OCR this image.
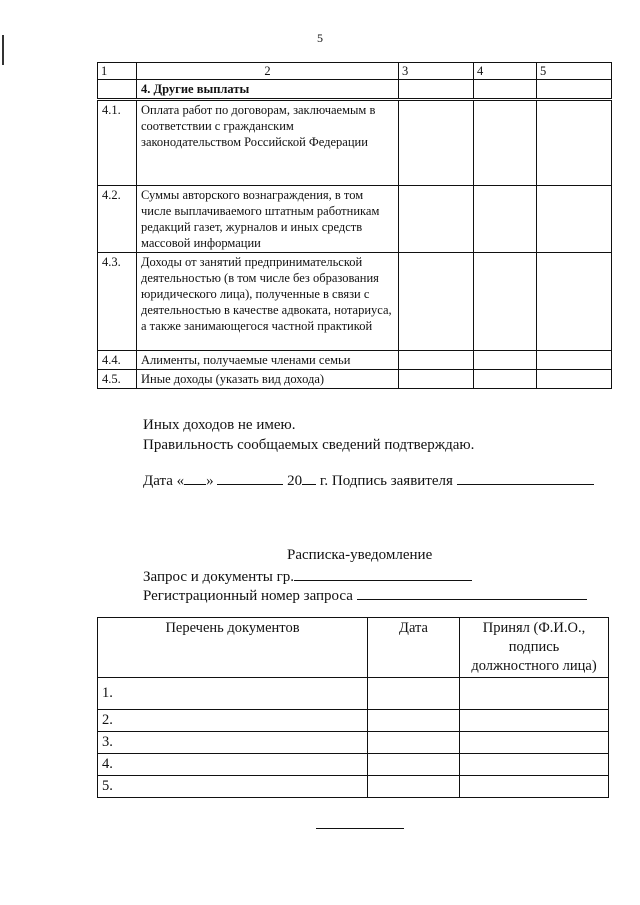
5
1	2	3	4	5
	4. Другие выплаты			
4.1.	Оплата работ по договорам, заключаемым в соответствии с гражданским законодательством Российской Федерации			
4.2.	Суммы авторского вознаграждения, в том числе выплачиваемого штатным работникам редакций газет, журналов и иных средств массовой информации			
4.3.	Доходы от занятий предпринимательской деятельностью (в том числе без образования юридического лица), полученные в связи с деятельностью в качестве адвоката, нотариуса, а также занимающегося частной практикой			
4.4.	Алименты, получаемые членами семьи			
4.5.	Иные доходы (указать вид дохода)			
Иных доходов не имею.
Правильность сообщаемых сведений подтверждаю.
Дата « »	20 г. Подпись заявителя
Расписка-уведомление
Запрос и документы гр.
Регистрационный номер запроса
Перечень документов	Дата	Принял (Ф.И.О., подпись должностного лица)
1.		
2.		
3.		
4.		
5.		
